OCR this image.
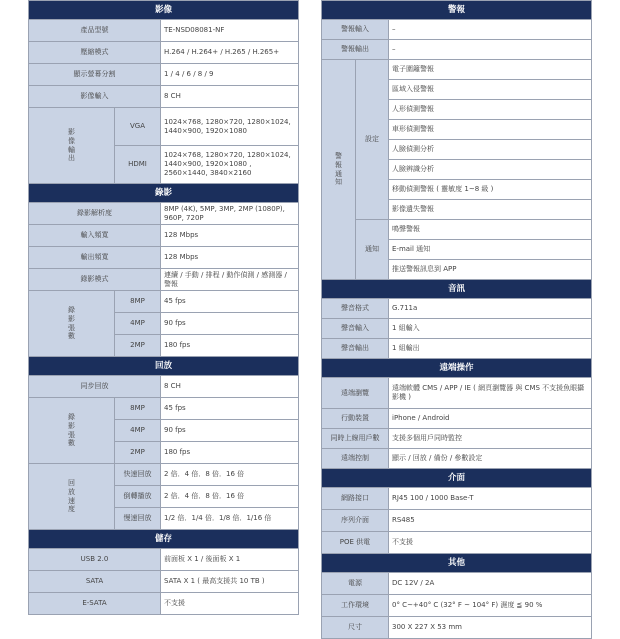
影像		
產品型號		TE-NSD08081-NF
壓縮模式		H.264 / H.264+ / H.265 / H.265+
顯示螢幕分割		1 / 4 / 6 / 8 / 9
影像輸入		8 CH

影
像
輸
出	VGA	1024×768, 1280×720, 1280×1024, 1440×900, 1920×1080
	HDMI	1024×768, 1280×720, 1280×1024, 1440×900, 1920×1080 , 2560×1440, 3840×2160
錄影		
錄影解析度		8MP (4K), 5MP, 3MP, 2MP (1080P), 960P, 720P
輸入頻寬		128 Mbps
輸出頻寬		128 Mbps
錄影模式		連續 / 手動 / 排程 / 動作偵測 / 感測器 / 警報

錄
影
張
數	8MP	45 fps
	4MP	90 fps
	2MP	180 fps
回放		
同步回放		8 CH

錄
影
張
數	8MP	45 fps
	4MP	90 fps
	2MP	180 fps

回
放
速
度	快速回放	2 倍．4 倍．8 倍．16 倍
	倒轉播放	2 倍．4 倍．8 倍．16 倍
	慢速回放	1/2 倍．1/4 倍．1/8 倍．1/16 倍
儲存		
USB 2.0		前面板 X 1 / 後面板 X 1
SATA		SATA X 1 ( 最高支援共 10 TB )
E-SATA		不支援
警報		
警報輸入		–
警報輸出		–

警
報
通
知	設定	電子圍籬警報
		區域入侵警報
		人形偵測警報
		車形偵測警報
		人臉偵測分析
		人臉辨識分析
		移動偵測警報 ( 靈敏度 1~8 級 )
		影像遺失警報
	通知	鳴聲警報
		E-mail 通知
		推送警報訊息到 APP
音訊		
聲音格式		G.711a
聲音輸入		1 組輸入
聲音輸出		1 組輸出
遠端操作		
遠端瀏覽		遠端軟體 CMS / APP / IE ( 網頁瀏覽器 與 CMS 不支援魚眼攝影機 )
行動裝置		iPhone / Android
同時上線用戶數		支援多個用戶同時監控
遠端控制		顯示 / 回放 / 備份 / 參數設定
介面		
網路接口		RJ45 100 / 1000 Base-T
序列介面		RS485
POE 供電		不支援
其他		
電源		DC 12V / 2A
工作環境		0° C~+40° C (32° F ~ 104° F) 濕度 ≦ 90 %
尺寸		300 X 227 X 53 mm
